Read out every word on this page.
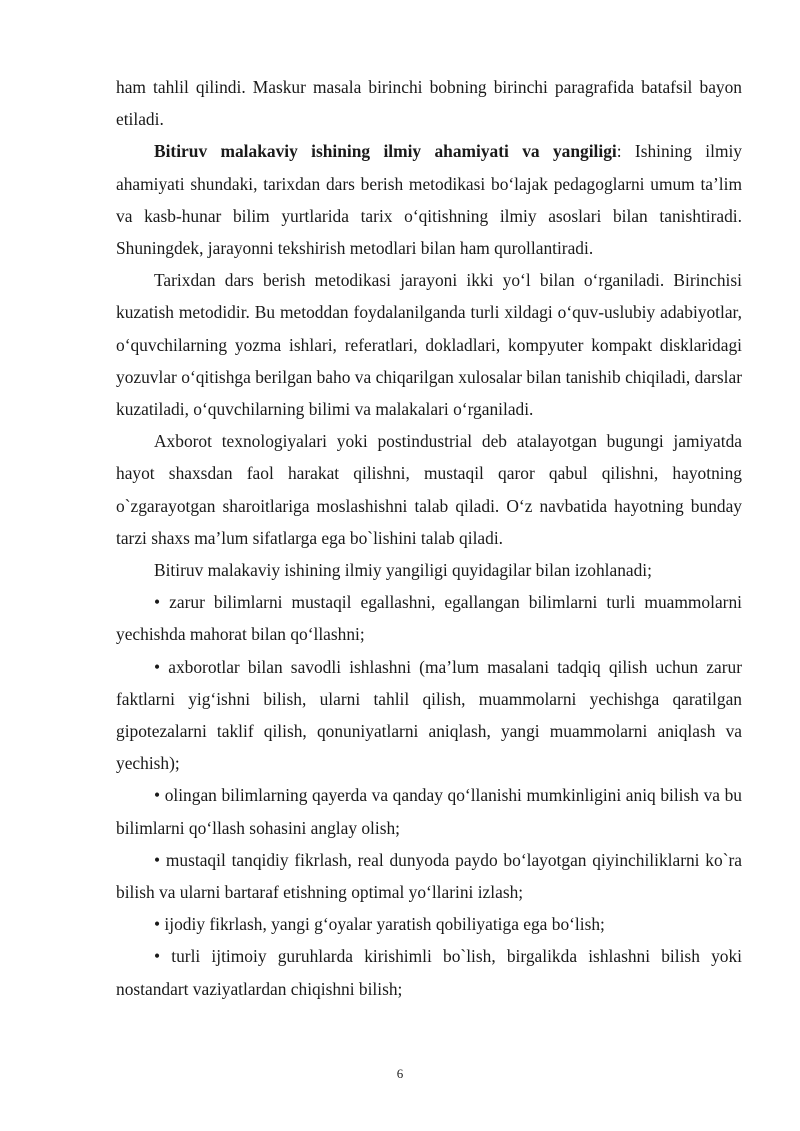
ham tahlil qilindi. Maskur masala birinchi bobning birinchi paragrafida batafsil bayon etiladi.

Bitiruv malakaviy ishining ilmiy ahamiyati va yangiligi: Ishining ilmiy ahamiyati shundaki, tarixdan dars berish metodikasi bo‘lajak pedagoglarni umum ta’lim va kasb-hunar bilim yurtlarida tarix o‘qitishning ilmiy asoslari bilan tanishtiradi. Shuningdek, jarayonni tekshirish metodlari bilan ham qurollantiradi.

Tarixdan dars berish metodikasi jarayoni ikki yo‘l bilan o‘rganiladi. Birinchisi kuzatish metodidir. Bu metoddan foydalanilganda turli xildagi o‘quv-uslubiy adabiyotlar, o‘quvchilarning yozma ishlari, referatlari, dokladlari, kompyuter kompakt disklaridagi yozuvlar o‘qitishga berilgan baho va chiqarilgan xulosalar bilan tanishib chiqiladi, darslar kuzatiladi, o‘quvchilarning bilimi va malakalari o‘rganiladi.

Axborot texnologiyalari yoki postindustrial deb atalayotgan bugungi jamiyatda hayot shaxsdan faol harakat qilishni, mustaqil qaror qabul qilishni, hayotning o`zgarayotgan sharoitlariga moslashishni talab qiladi. O‘z navbatida hayotning bunday tarzi shaxs ma’lum sifatlarga ega bo`lishini talab qiladi.

Bitiruv malakaviy ishining ilmiy yangiligi quyidagilar bilan izohlanadi;

• zarur bilimlarni mustaqil egallashni, egallangan bilimlarni turli muammolarni yechishda mahorat bilan qo‘llashni;

• axborotlar bilan savodli ishlashni (ma’lum masalani tadqiq qilish uchun zarur faktlarni yig‘ishni bilish, ularni tahlil qilish, muammolarni yechishga qaratilgan gipotezalarni taklif qilish, qonuniyatlarni aniqlash, yangi muammolarni aniqlash va yechish);

• olingan bilimlarning qayerda va qanday qo‘llanishi mumkinligini aniq bilish va bu bilimlarni qo‘llash sohasini anglay olish;

• mustaqil tanqidiy fikrlash, real dunyoda paydo bo‘layotgan qiyinchiliklarni ko`ra bilish va ularni bartaraf etishning optimal yo‘llarini izlash;

• ijodiy fikrlash, yangi g‘oyalar yaratish qobiliyatiga ega bo‘lish;

• turli ijtimoiy guruhlarda kirishimli bo`lish, birgalikda ishlashni bilish yoki nostandart vaziyatlardan chiqishni bilish;

6
